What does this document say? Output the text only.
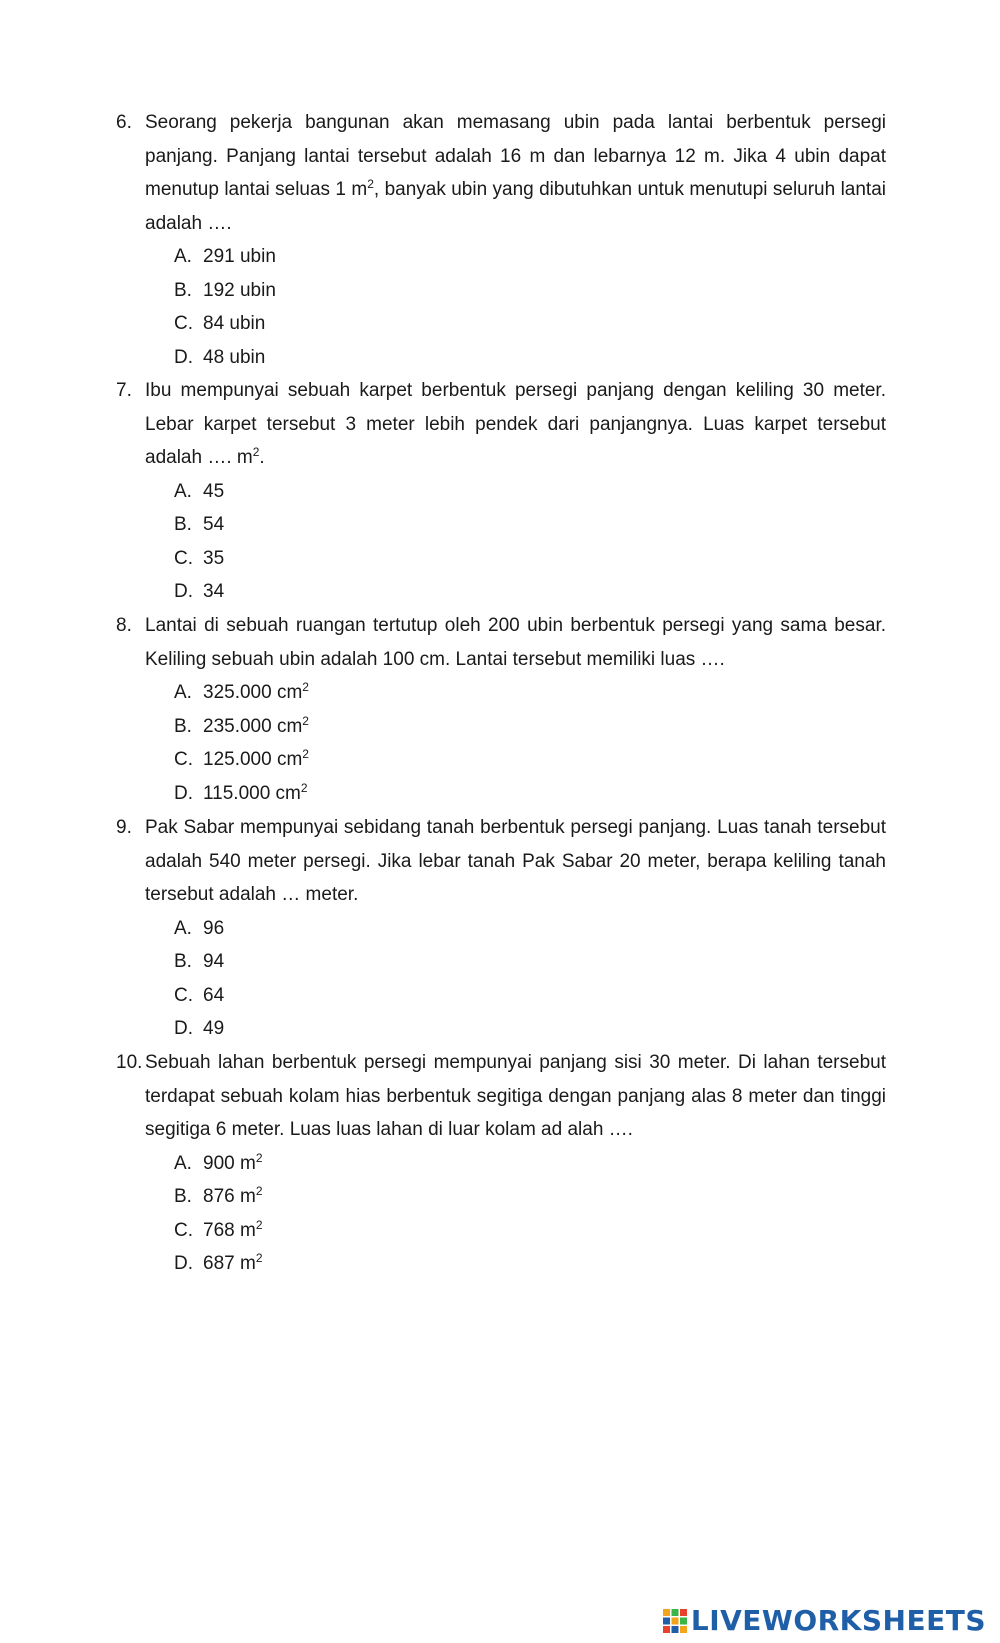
6. Seorang pekerja bangunan akan memasang ubin pada lantai berbentuk persegi panjang. Panjang lantai tersebut adalah 16 m dan lebarnya 12 m. Jika 4 ubin dapat menutup lantai seluas 1 $m^2$, banyak ubin yang dibutuhkan untuk menutupi seluruh lantai adalah ….
A. 291 ubin
B. 192 ubin
C. 84 ubin
D. 48 ubin
7. Ibu mempunyai sebuah karpet berbentuk persegi panjang dengan keliling 30 meter. Lebar karpet tersebut 3 meter lebih pendek dari panjangnya. Luas karpet tersebut adalah …. $m^2$.
A. 45
B. 54
C. 35
D. 34
8. Lantai di sebuah ruangan tertutup oleh 200 ubin berbentuk persegi yang sama besar. Keliling sebuah ubin adalah 100 cm. Lantai tersebut memiliki luas ….
A. 325.000 $cm^2$
B. 235.000 $cm^2$
C. 125.000 $cm^2$
D. 115.000 $cm^2$
9. Pak Sabar mempunyai sebidang tanah berbentuk persegi panjang. Luas tanah tersebut adalah 540 meter persegi. Jika lebar tanah Pak Sabar 20 meter, berapa keliling tanah tersebut adalah … meter.
A. 96
B. 94
C. 64
D. 49
10. Sebuah lahan berbentuk persegi mempunyai panjang sisi 30 meter. Di lahan tersebut terdapat sebuah kolam hias berbentuk segitiga dengan panjang alas 8 meter dan tinggi segitiga 6 meter. Luas luas lahan di luar kolam ad alah ….
A. 900 $m^2$
B. 876 $m^2$
C. 768 $m^2$
D. 687 $m^2$
LIVEWORKSHEETS
